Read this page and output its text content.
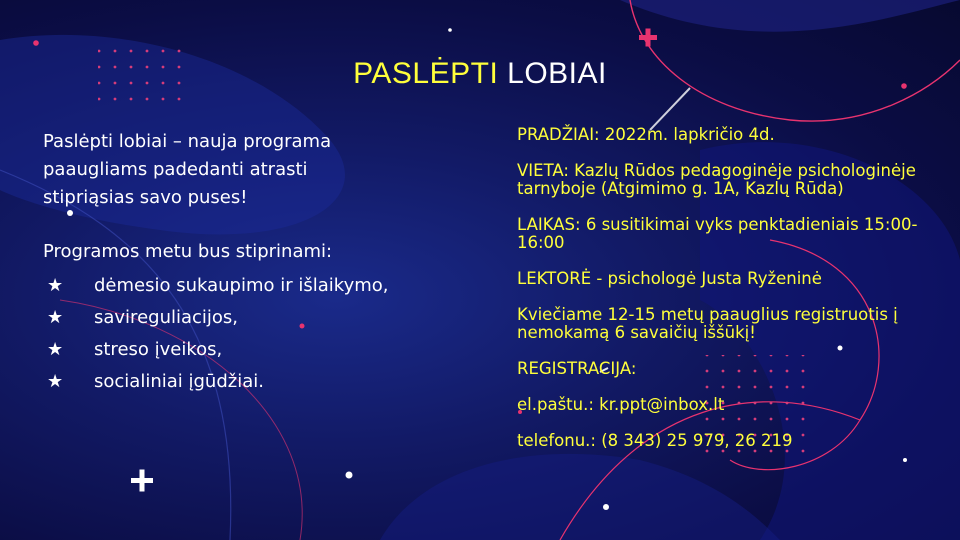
PASLĖPTI LOBIAI

Paslėpti lobiai – nauja programa

paaugliams padedanti atrasti

stipriąsias savo puses!

Programos metu bus stiprinami:

★	dėmesio sukaupimo ir išlaikymo,
★	savireguliacijos,
★	streso įveikos,
★	socialiniai įgūdžiai.

PRADŽIAI: 2022m. lapkričio 4d.

VIETA: Kazlų Rūdos pedagoginėje psichologinėje tarnyboje (Atgimimo g. 1A, Kazlų Rūda)

LAIKAS: 6 susitikimai vyks penktadieniais 15:00-16:00

LEKTORĖ - psichologė Justa Ryženinė

Kviečiame 12-15 metų paauglius registruotis į nemokamą 6 savaičių iššūkį!

REGISTRACIJA:

el.paštu.: kr.ppt@inbox.lt

telefonu.: (8 343) 25 979, 26 219
